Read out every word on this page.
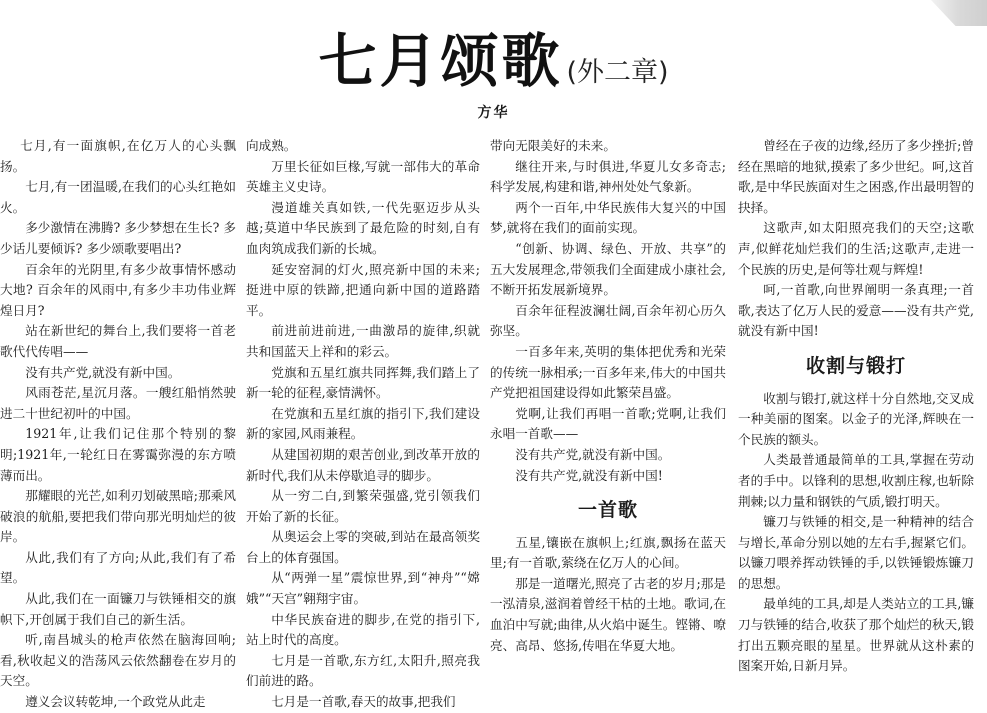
七月颂歌 (外二章)
方华

七月,有一面旗帜,在亿万人的心头飘扬。

七月,有一团温暖,在我们的心头红艳如火。

多少激情在沸腾? 多少梦想在生长? 多少话儿要倾诉? 多少颂歌要唱出?

百余年的光阴里,有多少故事情怀感动大地? 百余年的风雨中,有多少丰功伟业辉煌日月?

站在新世纪的舞台上,我们要将一首老歌代代传唱——

没有共产党,就没有新中国。

风雨苍茫,星沉月落。一艘红船悄然驶进二十世纪初叶的中国。

1921年,让我们记住那个特别的黎明;1921年,一轮红日在雾霭弥漫的东方喷薄而出。

那耀眼的光芒,如利刃划破黑暗;那乘风破浪的航船,要把我们带向那光明灿烂的彼岸。

从此,我们有了方向;从此,我们有了希望。

从此,我们在一面镰刀与铁锤相交的旗帜下,开创属于我们自己的新生活。

听,南昌城头的枪声依然在脑海回响;看,秋收起义的浩荡风云依然翻卷在岁月的天空。

遵义会议转乾坤,一个政党从此走

向成熟。

万里长征如巨椽,写就一部伟大的革命英雄主义史诗。

漫道雄关真如铁,一代先驱迈步从头越;莫道中华民族到了最危险的时刻,自有血肉筑成我们新的长城。

延安窑洞的灯火,照亮新中国的未来;挺进中原的铁蹄,把通向新中国的道路踏平。

前进前进前进,一曲激昂的旋律,织就共和国蓝天上祥和的彩云。

党旗和五星红旗共同挥舞,我们踏上了新一轮的征程,豪情满怀。

在党旗和五星红旗的指引下,我们建设新的家园,风雨兼程。

从建国初期的艰苦创业,到改革开放的新时代,我们从未停歇追寻的脚步。

从一穷二白,到繁荣强盛,党引领我们开始了新的长征。

从奥运会上零的突破,到站在最高领奖台上的体育强国。

从“两弹一星”震惊世界,到“神舟”“嫦娥”“天宫”翱翔宇宙。

中华民族奋进的脚步,在党的指引下,站上时代的高度。

七月是一首歌,东方红,太阳升,照亮我们前进的路。

七月是一首歌,春天的故事,把我们

带向无限美好的未来。

继往开来,与时俱进,华夏儿女多奇志;科学发展,构建和谐,神州处处气象新。

两个一百年,中华民族伟大复兴的中国梦,就将在我们的面前实现。

“创新、协调、绿色、开放、共享”的五大发展理念,带领我们全面建成小康社会,不断开拓发展新境界。

百余年征程波澜壮阔,百余年初心历久弥坚。

一百多年来,英明的集体把优秀和光荣的传统一脉相承;一百多年来,伟大的中国共产党把祖国建设得如此繁荣昌盛。

党啊,让我们再唱一首歌;党啊,让我们永唱一首歌——

没有共产党,就没有新中国。

没有共产党,就没有新中国!

一首歌

五星,镶嵌在旗帜上;红旗,飘扬在蓝天里;有一首歌,萦绕在亿万人的心间。

那是一道曙光,照亮了古老的岁月;那是一泓清泉,滋润着曾经干枯的土地。歌词,在血泊中写就;曲律,从火焰中诞生。铿锵、嘹亮、高昂、悠扬,传唱在华夏大地。

曾经在子夜的边缘,经历了多少挫折;曾经在黑暗的地狱,摸索了多少世纪。呵,这首歌,是中华民族面对生之困惑,作出最明智的抉择。

这歌声,如太阳照亮我们的天空;这歌声,似鲜花灿烂我们的生活;这歌声,走进一个民族的历史,是何等壮观与辉煌!

呵,一首歌,向世界阐明一条真理;一首歌,表达了亿万人民的爱意——没有共产党,就没有新中国!

收割与锻打

收割与锻打,就这样十分自然地,交叉成一种美丽的图案。以金子的光泽,辉映在一个民族的额头。

人类最普通最简单的工具,掌握在劳动者的手中。以锋利的思想,收割庄稼,也斩除荆棘;以力量和钢铁的气质,锻打明天。

镰刀与铁锤的相交,是一种精神的结合与增长,革命分别以她的左右手,握紧它们。以镰刀喂养挥动铁锤的手,以铁锤锻炼镰刀的思想。

最单纯的工具,却是人类站立的工具,镰刀与铁锤的结合,收获了那个灿烂的秋天,锻打出五颗亮眼的星星。世界就从这朴素的图案开始,日新月异。
